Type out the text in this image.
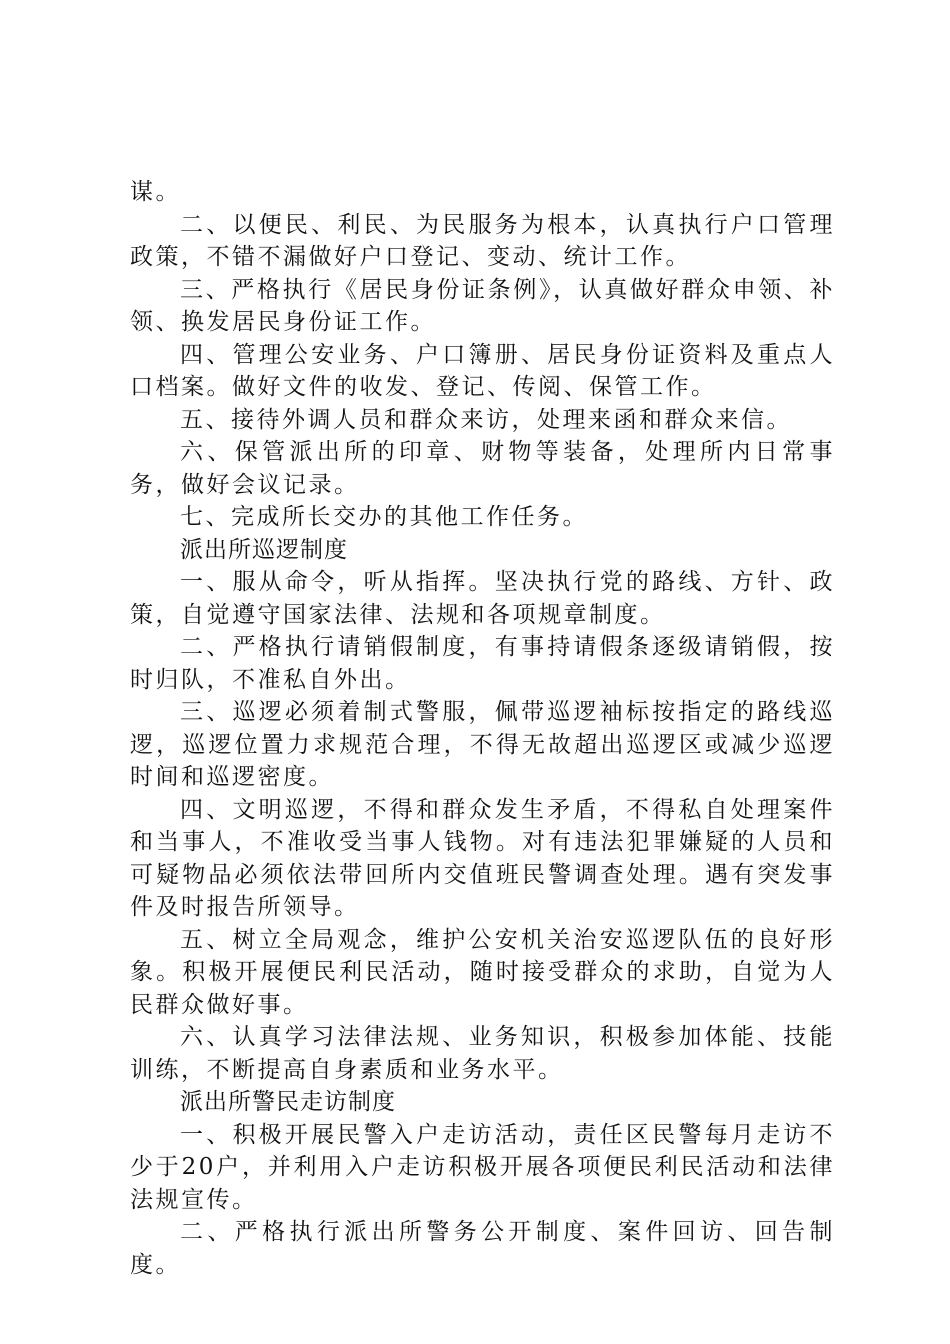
谋。

二、以便民、利民、为民服务为根本，认真执行户口管理政策，不错不漏做好户口登记、变动、统计工作。

三、严格执行《居民身份证条例》，认真做好群众申领、补领、换发居民身份证工作。

四、管理公安业务、户口簿册、居民身份证资料及重点人口档案。做好文件的收发、登记、传阅、保管工作。

五、接待外调人员和群众来访，处理来函和群众来信。

六、保管派出所的印章、财物等装备，处理所内日常事务，做好会议记录。

七、完成所长交办的其他工作任务。

派出所巡逻制度

一、服从命令，听从指挥。坚决执行党的路线、方针、政策，自觉遵守国家法律、法规和各项规章制度。

二、严格执行请销假制度，有事持请假条逐级请销假，按时归队，不准私自外出。

三、巡逻必须着制式警服，佩带巡逻袖标按指定的路线巡逻，巡逻位置力求规范合理，不得无故超出巡逻区或减少巡逻时间和巡逻密度。

四、文明巡逻，不得和群众发生矛盾，不得私自处理案件和当事人，不准收受当事人钱物。对有违法犯罪嫌疑的人员和可疑物品必须依法带回所内交值班民警调查处理。遇有突发事件及时报告所领导。

五、树立全局观念，维护公安机关治安巡逻队伍的良好形象。积极开展便民利民活动，随时接受群众的求助，自觉为人民群众做好事。

六、认真学习法律法规、业务知识，积极参加体能、技能训练，不断提高自身素质和业务水平。

派出所警民走访制度

一、积极开展民警入户走访活动，责任区民警每月走访不少于20户，并利用入户走访积极开展各项便民利民活动和法律法规宣传。

二、严格执行派出所警务公开制度、案件回访、回告制度。
